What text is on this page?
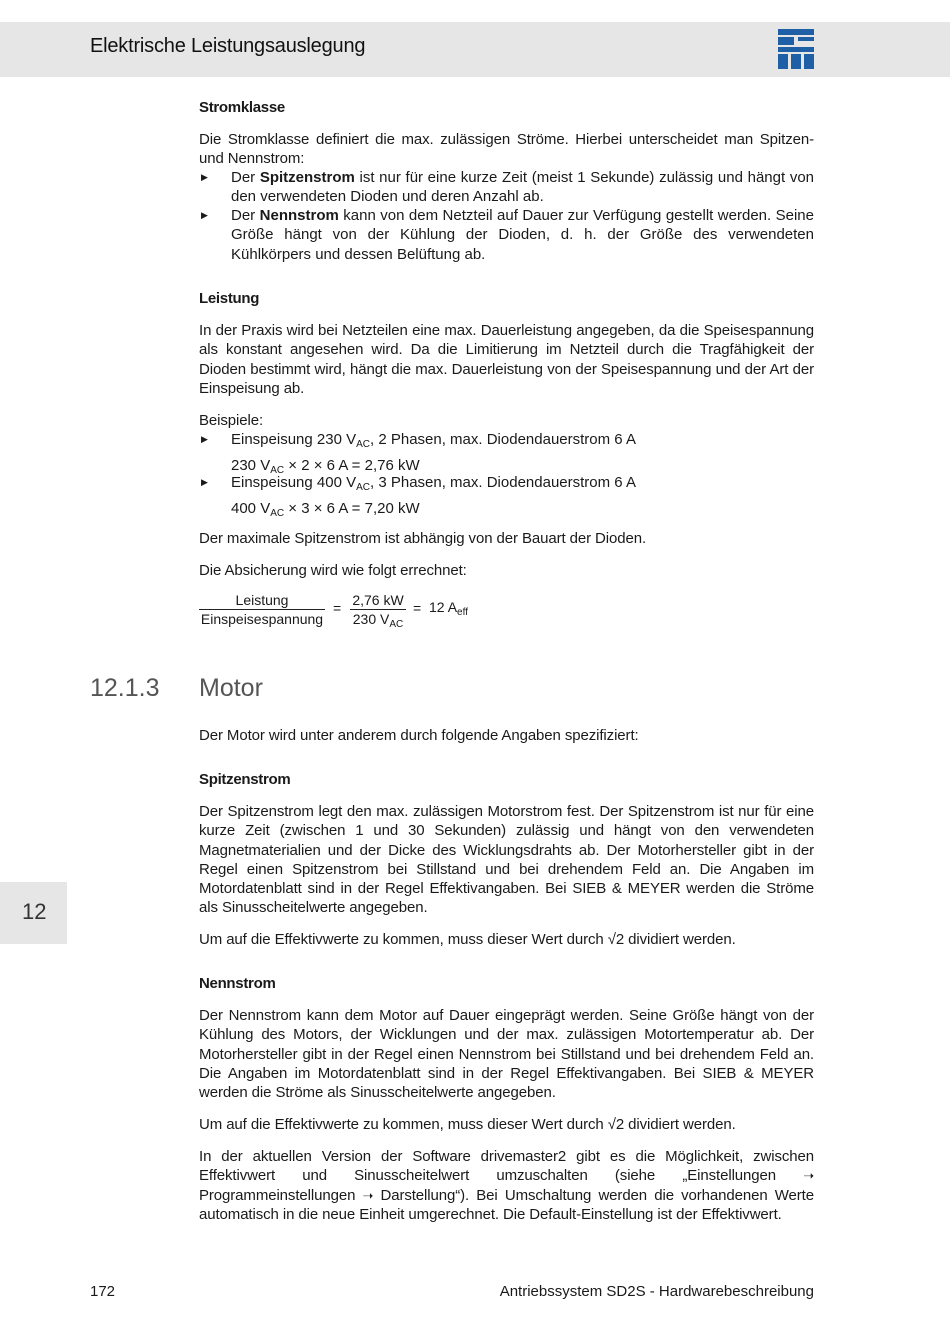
Elektrische Leistungsauslegung
Stromklasse

Die Stromklasse definiert die max. zulässigen Ströme. Hierbei unterscheidet man Spitzen- und Nennstrom:

▶ Der Spitzenstrom ist nur für eine kurze Zeit (meist 1 Sekunde) zulässig und hängt von den verwendeten Dioden und deren Anzahl ab.
▶ Der Nennstrom kann von dem Netzteil auf Dauer zur Verfügung gestellt werden. Seine Größe hängt von der Kühlung der Dioden, d. h. der Größe des verwendeten Kühlkörpers und dessen Belüftung ab.
Leistung

In der Praxis wird bei Netzteilen eine max. Dauerleistung angegeben, da die Speisespannung als konstant angesehen wird. Da die Limitierung im Netzteil durch die Tragfähigkeit der Dioden bestimmt wird, hängt die max. Dauerleistung von der Speisespannung und der Art der Einspeisung ab.

Beispiele:

▶ Einspeisung 230 $V_{AC}$, 2 Phasen, max. Diodendauerstrom 6 A
230 $V_{AC} \times 2 \times 6$ A = 2,76 kW
▶ Einspeisung 400 $V_{AC}$, 3 Phasen, max. Diodendauerstrom 6 A
400 $V_{AC} \times 3 \times 6$ A = 7,20 kW

Der maximale Spitzenstrom ist abhängig von der Bauart der Dioden.

Die Absicherung wird wie folgt errechnet:

Leistung
Einspeisespannung
= 2,76 kW
230 $V_{AC}$
= 12 $A_{eff}$
12.1.3 Motor

Der Motor wird unter anderem durch folgende Angaben spezifiziert:

Spitzenstrom

Der Spitzenstrom legt den max. zulässigen Motorstrom fest. Der Spitzenstrom ist nur für eine kurze Zeit (zwischen 1 und 30 Sekunden) zulässig und hängt von den verwendeten Magnetmaterialien und der Dicke des Wicklungsdrahts ab. Der Motorhersteller gibt in der Regel einen Spitzenstrom bei Stillstand und bei drehendem Feld an. Die Angaben im Motordatenblatt sind in der Regel Effektivangaben. Bei SIEB & MEYER werden die Ströme als Sinusscheitelwerte angegeben.

Um auf die Effektivwerte zu kommen, muss dieser Wert durch √2 dividiert werden.

Nennstrom

Der Nennstrom kann dem Motor auf Dauer eingeprägt werden. Seine Größe hängt von der Kühlung des Motors, der Wicklungen und der max. zulässigen Motortemperatur ab. Der Motorhersteller gibt in der Regel einen Nennstrom bei Stillstand und bei drehendem Feld an. Die Angaben im Motordatenblatt sind in der Regel Effektivangaben. Bei SIEB & MEYER werden die Ströme als Sinusscheitelwerte angegeben.

Um auf die Effektivwerte zu kommen, muss dieser Wert durch √2 dividiert werden.

In der aktuellen Version der Software drivemaster2 gibt es die Möglichkeit, zwischen Effektivwert und Sinusscheitelwert umzuschalten (siehe „Einstellungen ➝ Programmeinstellungen ➝ Darstellung“). Bei Umschaltung werden die vorhandenen Werte automatisch in die neue Einheit umgerechnet. Die Default-Einstellung ist der Effektivwert.

12
172	Antriebssystem SD2S - Hardwarebeschreibung
